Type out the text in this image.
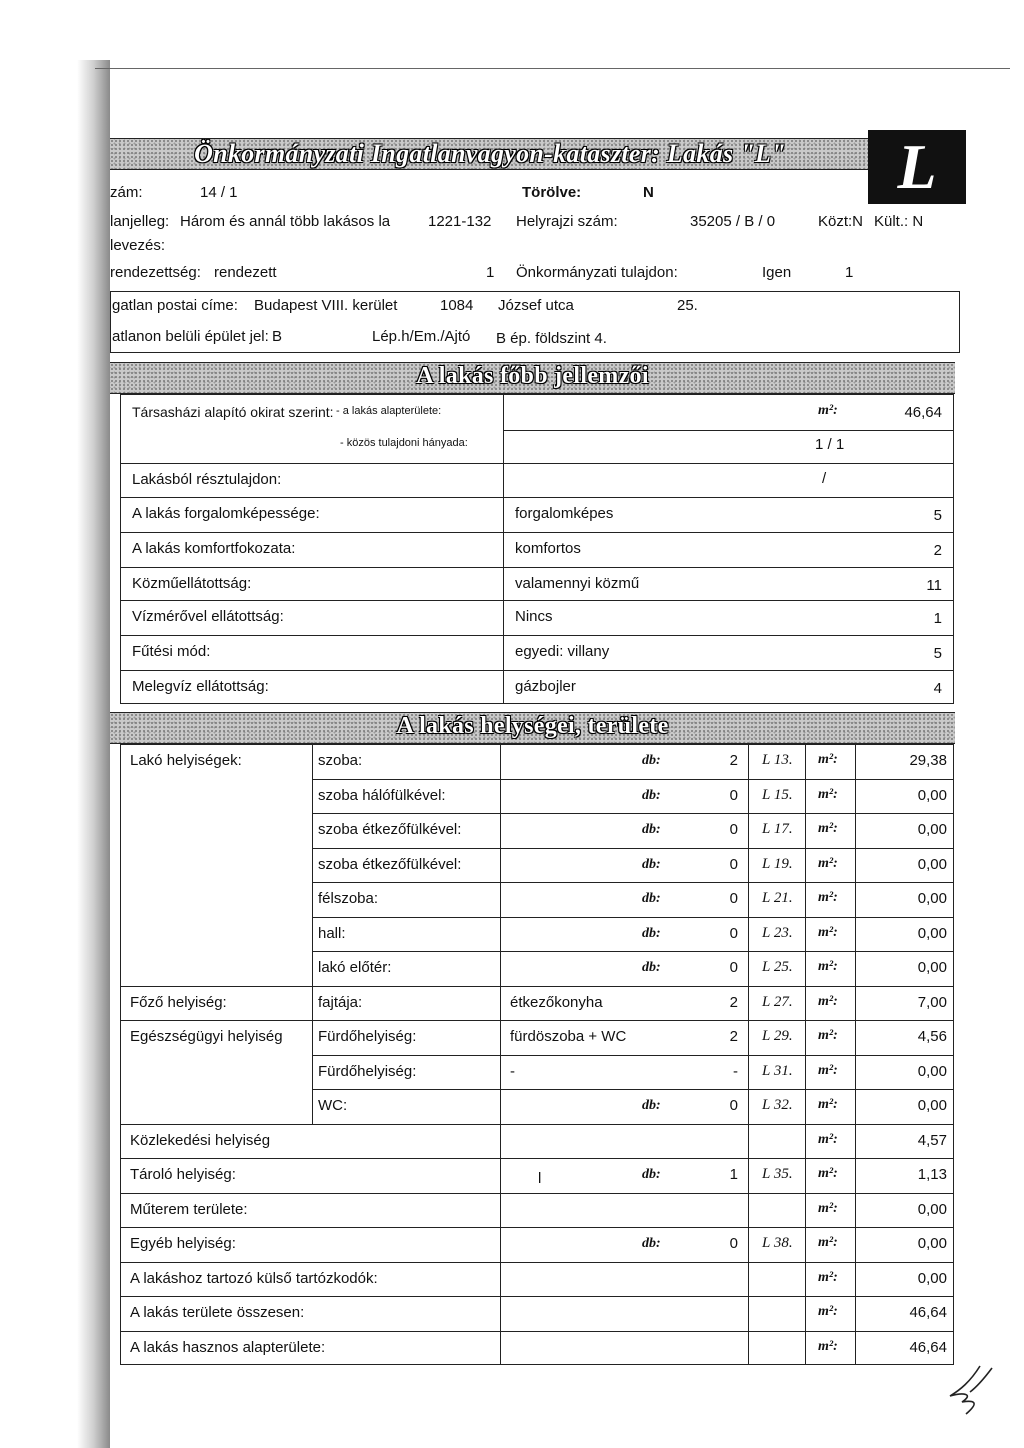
Önkormányzati Ingatlanvagyon-kataszter: Lakás "L"	L
zám:	14 / 1	Törölve:	N
lanjelleg: Három és annál több lakásos la	1221-132 Helyrajzi szám:	35205 / B / 0	Közt:N Kült.: N
levezés:
rendezettség: rendezett	1 Önkormányzati tulajdon:	Igen	1
gatlan postai címe: Budapest VIII. kerület	1084 József utca	25.
atlanon belüli épület jel: B	Lép.h/Em./Ajtó B ép. földszint 4.
A lakás főbb jellemzői
Társasházi alapító okirat szerint: - a lakás alapterülete:	m²:	46,64
- közös tulajdoni hányada:	1 / 1
Lakásból résztulajdon:	/
A lakás forgalomképessége:	forgalomképes	5
A lakás komfortfokozata:	komfortos	2
Közműellátottság:	valamennyi közmű	11
Vízmérővel ellátottság:	Nincs	1
Fűtési mód:	egyedi: villany	5
Melegvíz ellátottság:	gázbojler	4
A lakás helységei, területe
Lakó helyiségek:
Főző helyiség:
Egészségügyi helyiség
szoba:	db:	2 L 13. m²:	29,38
szoba hálófülkével:	db:	0 L 15. m²:	0,00
szoba étkezőfülkével:	db:	0 L 17. m²:	0,00
szoba étkezőfülkével:	db:	0 L 19. m²:	0,00
félszoba:	db:	0 L 21. m²:	0,00
hall:	db:	0 L 23. m²:	0,00
lakó előtér:	db:	0 L 25. m²:	0,00
fajtája:	étkezőkonyha	2 L 27. m²:	7,00
Fürdőhelyiség:	fürdöszoba + WC	2 L 29. m²:	4,56
Fürdőhelyiség:	-	- L 31. m²:	0,00
WC:	db:	0 L 32. m²:	0,00
Közlekedési helyiség	m²:	4,57
Tároló helyiség:	l	db:	1 L 35. m²:	1,13
Műterem területe:	m²:	0,00
Egyéb helyiség:	db:	0 L 38. m²:	0,00
A lakáshoz tartozó külső tartózkodók:	m²:	0,00
A lakás területe összesen:	m²:	46,64
A lakás hasznos alapterülete:	m²:	46,64
